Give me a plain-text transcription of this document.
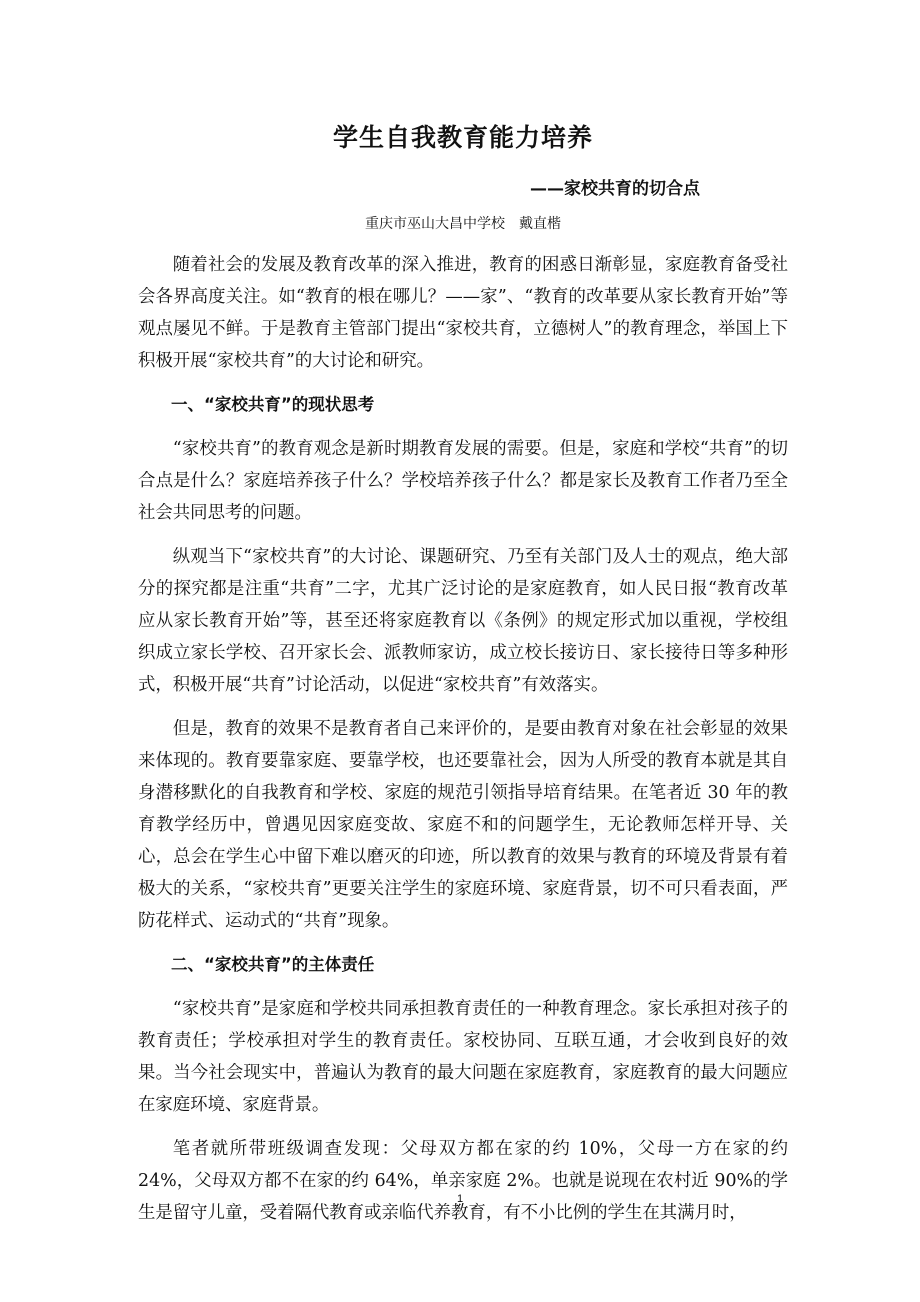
学生自我教育能力培养
——家校共育的切合点
重庆市巫山大昌中学校　戴直楷

随着社会的发展及教育改革的深入推进，教育的困惑日渐彰显，家庭教育备受社会各界高度关注。如“教育的根在哪儿？——家”、“教育的改革要从家长教育开始”等观点屡见不鲜。于是教育主管部门提出“家校共育，立德树人”的教育理念，举国上下积极开展“家校共育”的大讨论和研究。

一、“家校共育”的现状思考

“家校共育”的教育观念是新时期教育发展的需要。但是，家庭和学校“共育”的切合点是什么？家庭培养孩子什么？学校培养孩子什么？都是家长及教育工作者乃至全社会共同思考的问题。

纵观当下“家校共育”的大讨论、课题研究、乃至有关部门及人士的观点，绝大部分的探究都是注重“共育”二字，尤其广泛讨论的是家庭教育，如人民日报“教育改革应从家长教育开始”等，甚至还将家庭教育以《条例》的规定形式加以重视，学校组织成立家长学校、召开家长会、派教师家访，成立校长接访日、家长接待日等多种形式，积极开展“共育”讨论活动，以促进“家校共育”有效落实。

但是，教育的效果不是教育者自己来评价的，是要由教育对象在社会彰显的效果来体现的。教育要靠家庭、要靠学校，也还要靠社会，因为人所受的教育本就是其自身潜移默化的自我教育和学校、家庭的规范引领指导培育结果。在笔者近 30 年的教育教学经历中，曾遇见因家庭变故、家庭不和的问题学生，无论教师怎样开导、关心，总会在学生心中留下难以磨灭的印迹，所以教育的效果与教育的环境及背景有着极大的关系，“家校共育”更要关注学生的家庭环境、家庭背景，切不可只看表面，严防花样式、运动式的“共育”现象。

二、“家校共育”的主体责任

“家校共育”是家庭和学校共同承担教育责任的一种教育理念。家长承担对孩子的教育责任；学校承担对学生的教育责任。家校协同、互联互通，才会收到良好的效果。当今社会现实中，普遍认为教育的最大问题在家庭教育，家庭教育的最大问题应在家庭环境、家庭背景。

笔者就所带班级调查发现：父母双方都在家的约 10%，父母一方在家的约 24%，父母双方都不在家的约 64%，单亲家庭 2%。也就是说现在农村近 90%的学生是留守儿童，受着隔代教育或亲临代养教育，有不小比例的学生在其满月时，

1
